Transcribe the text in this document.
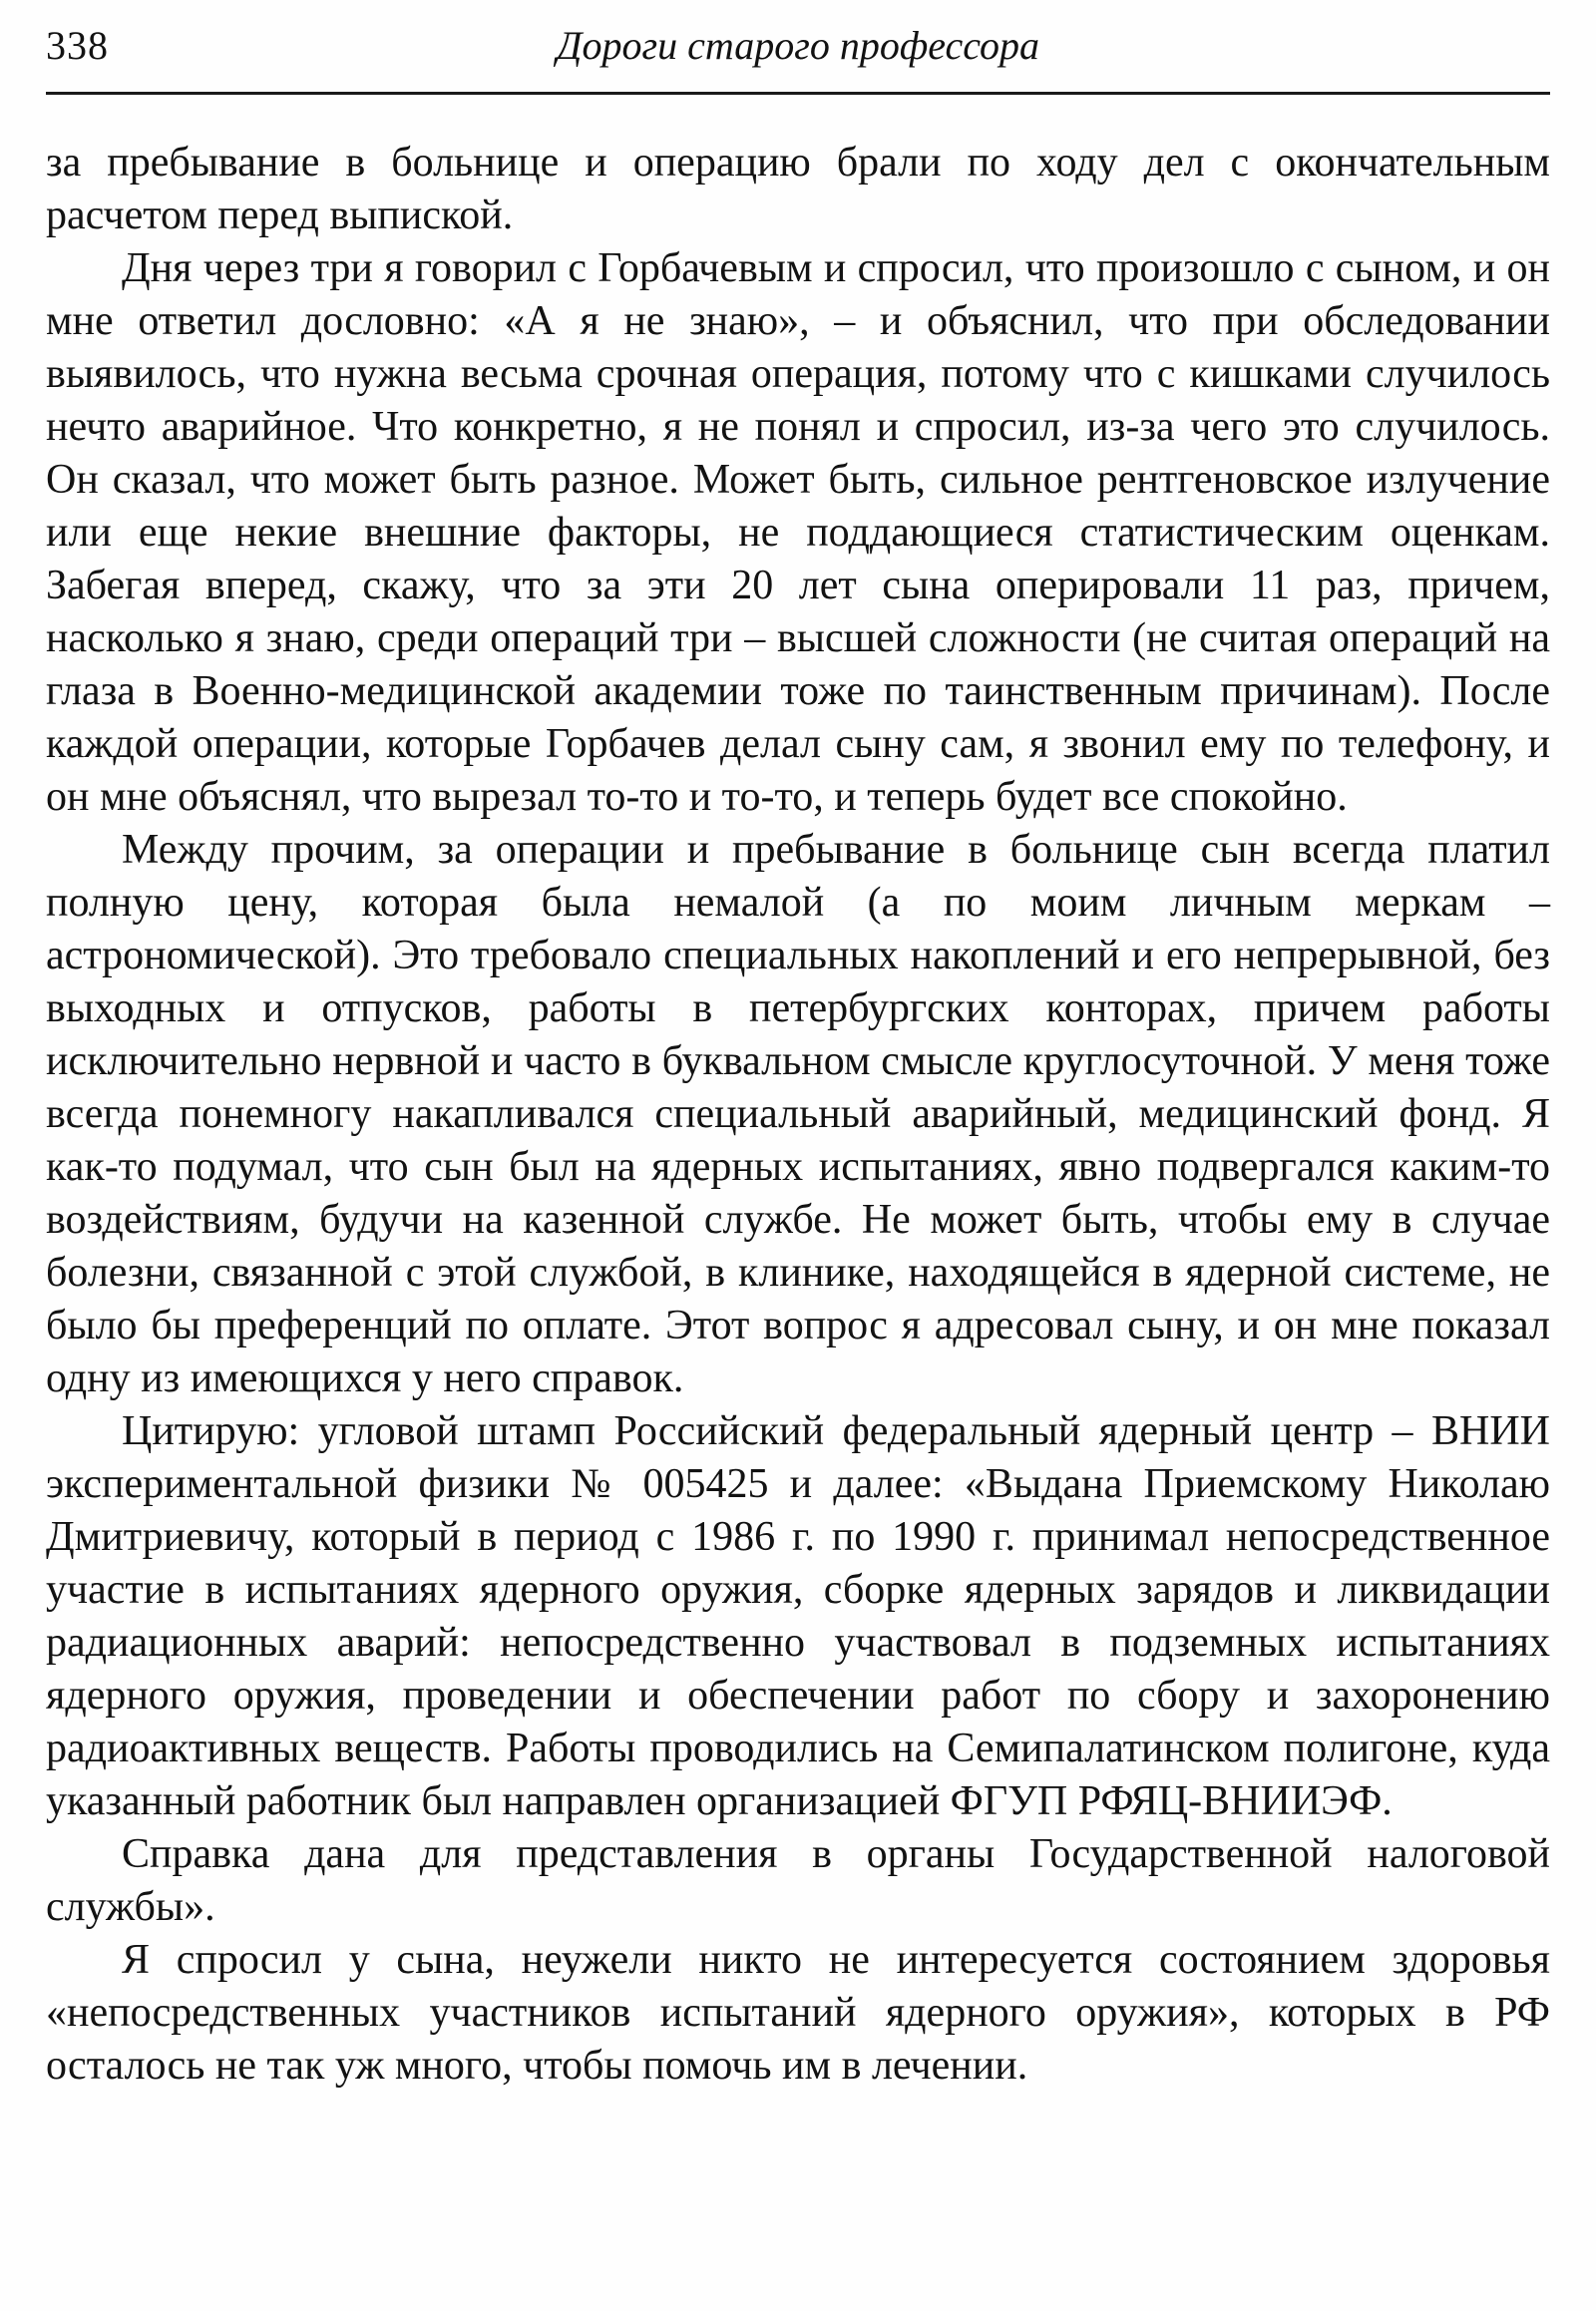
338	Дороги старого профессора

за пребывание в больнице и операцию брали по ходу дел с окончательным расчетом перед выпиской.

Дня через три я говорил с Горбачевым и спросил, что произошло с сыном, и он мне ответил дословно: «А я не знаю», – и объяснил, что при обследовании выявилось, что нужна весьма срочная операция, потому что с кишками случилось нечто аварийное. Что конкретно, я не понял и спросил, из-за чего это случилось. Он сказал, что может быть разное. Может быть, сильное рентгеновское излучение или еще некие внешние факторы, не поддающиеся статистическим оценкам. Забегая вперед, скажу, что за эти 20 лет сына оперировали 11 раз, причем, насколько я знаю, среди операций три – высшей сложности (не считая операций на глаза в Военно-медицинской академии тоже по таинственным причинам). После каждой операции, которые Горбачев делал сыну сам, я звонил ему по телефону, и он мне объяснял, что вырезал то-то и то-то, и теперь будет все спокойно.

Между прочим, за операции и пребывание в больнице сын всегда платил полную цену, которая была немалой (а по моим личным меркам – астрономической). Это требовало специальных накоплений и его непрерывной, без выходных и отпусков, работы в петербургских конторах, причем работы исключительно нервной и часто в буквальном смысле круглосуточной. У меня тоже всегда понемногу накапливался специальный аварийный, медицинский фонд. Я как-то подумал, что сын был на ядерных испытаниях, явно подвергался каким-то воздействиям, будучи на казенной службе. Не может быть, чтобы ему в случае болезни, связанной с этой службой, в клинике, находящейся в ядерной системе, не было бы преференций по оплате. Этот вопрос я адресовал сыну, и он мне показал одну из имеющихся у него справок.

Цитирую: угловой штамп Российский федеральный ядерный центр – ВНИИ экспериментальной физики № 005425 и далее: «Выдана Приемскому Николаю Дмитриевичу, который в период с 1986 г. по 1990 г. принимал непосредственное участие в испытаниях ядерного оружия, сборке ядерных зарядов и ликвидации радиационных аварий: непосредственно участвовал в подземных испытаниях ядерного оружия, проведении и обеспечении работ по сбору и захоронению радиоактивных веществ. Работы проводились на Семипалатинском полигоне, куда указанный работник был направлен организацией ФГУП РФЯЦ-ВНИИЭФ.

Справка дана для представления в органы Государственной налоговой службы».

Я спросил у сына, неужели никто не интересуется состоянием здоровья «непосредственных участников испытаний ядерного оружия», которых в РФ осталось не так уж много, чтобы помочь им в лечении.
